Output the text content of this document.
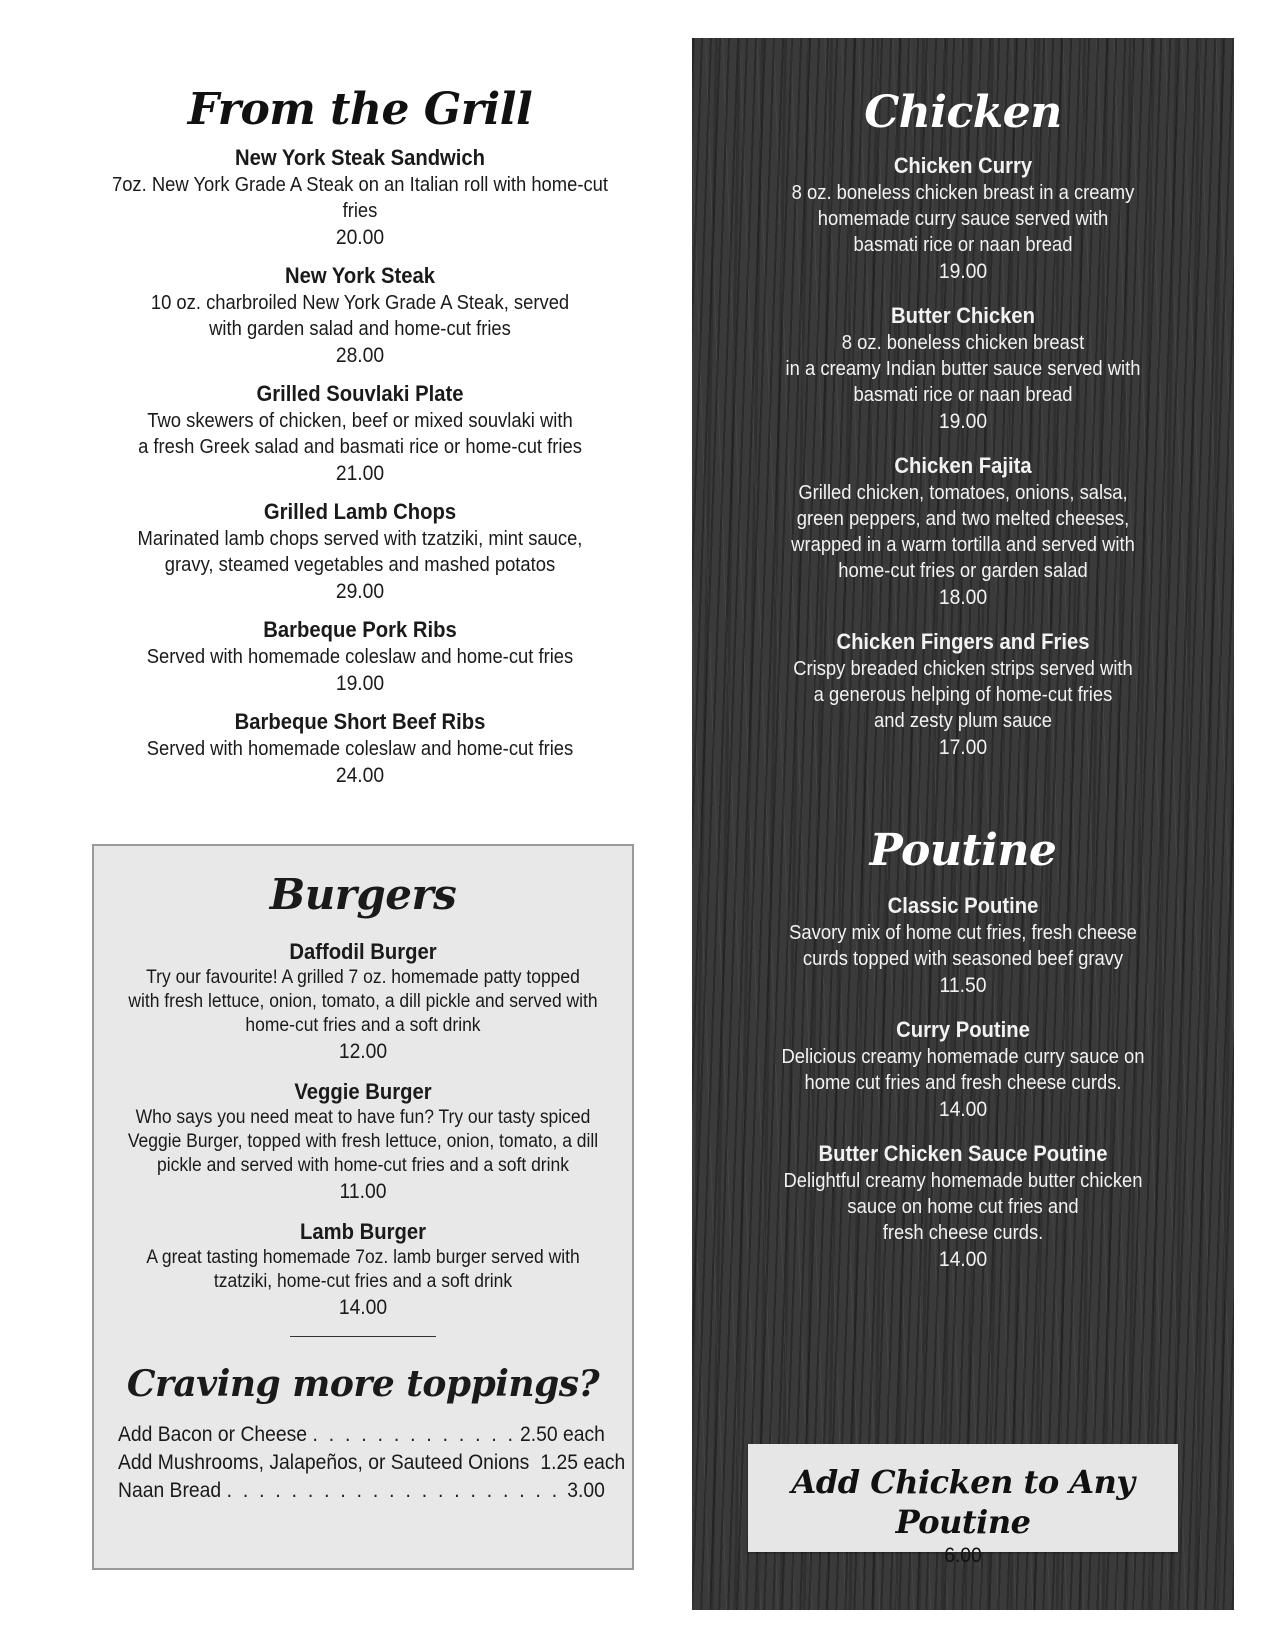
From the Grill
New York Steak Sandwich
7oz. New York Grade A Steak on an Italian roll with home-cut fries
20.00
New York Steak
10 oz. charbroiled New York Grade A Steak, served
with garden salad and home-cut fries
28.00
Grilled Souvlaki Plate
Two skewers of chicken, beef or mixed souvlaki with
a fresh Greek salad and basmati rice or home-cut fries
21.00
Grilled Lamb Chops
Marinated lamb chops served with tzatziki, mint sauce,
gravy, steamed vegetables and mashed potatos
29.00
Barbeque Pork Ribs
Served with homemade coleslaw and home-cut fries
19.00
Barbeque Short Beef Ribs
Served with homemade coleslaw and home-cut fries
24.00
Burgers
Daffodil Burger
Try our favourite! A grilled 7 oz. homemade patty topped
with fresh lettuce, onion, tomato, a dill pickle and served with
home-cut fries and a soft drink
12.00
Veggie Burger
Who says you need meat to have fun? Try our tasty spiced
Veggie Burger, topped with fresh lettuce, onion, tomato, a dill
pickle and served with home-cut fries and a soft drink
11.00
Lamb Burger
A great tasting homemade 7oz. lamb burger served with
tzatziki, home-cut fries and a soft drink
14.00
Craving more toppings?
Add Bacon or Cheese . . .	2.50 each
Add Mushrooms, Jalapeños, or Sauteed Onions 1.25 each
Naan Bread . . .	3.00
Chicken
Chicken Curry
8 oz. boneless chicken breast in a creamy
homemade curry sauce served with
basmati rice or naan bread
19.00
Butter Chicken
8 oz. boneless chicken breast
in a creamy Indian butter sauce served with
basmati rice or naan bread
19.00
Chicken Fajita
Grilled chicken, tomatoes, onions, salsa,
green peppers, and two melted cheeses,
wrapped in a warm tortilla and served with
home-cut fries or garden salad
18.00
Chicken Fingers and Fries
Crispy breaded chicken strips served with
a generous helping of home-cut fries
and zesty plum sauce
17.00
Poutine
Classic Poutine
Savory mix of home cut fries, fresh cheese
curds topped with seasoned beef gravy
11.50
Curry Poutine
Delicious creamy homemade curry sauce on
home cut fries and fresh cheese curds.
14.00
Butter Chicken Sauce Poutine
Delightful creamy homemade butter chicken
sauce on home cut fries and
fresh cheese curds.
14.00
Add Chicken to Any Poutine
6.00
